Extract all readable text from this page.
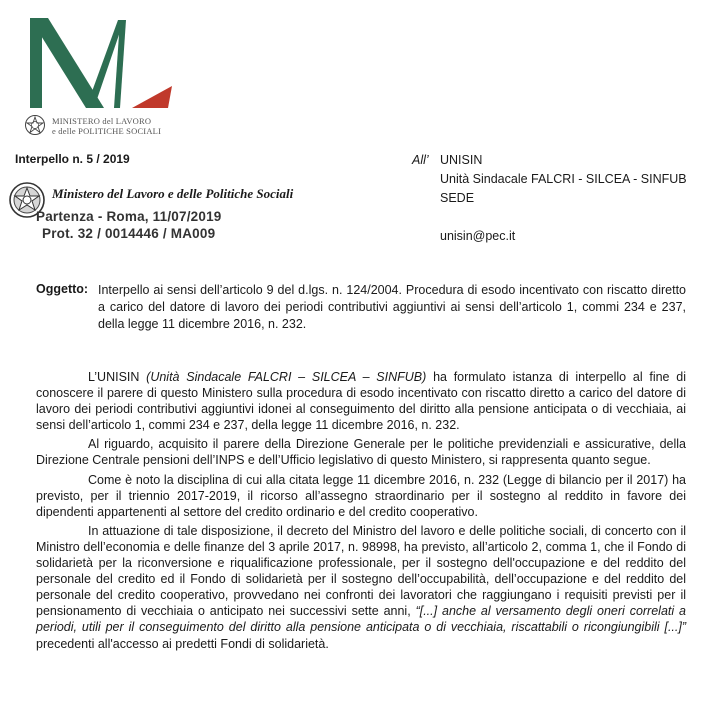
MINISTERO del LAVORO
e delle POLITICHE SOCIALI
Interpello n. 5 / 2019
Ministero del Lavoro e delle Politiche Sociali
Partenza - Roma, 11/07/2019
Prot. 32 / 0014446 / MA009
All’ UNISIN
Unità Sindacale FALCRI - SILCEA - SINFUB
SEDE
unisin@pec.it
Oggetto: Interpello ai sensi dell’articolo 9 del d.lgs. n. 124/2004. Procedura di esodo incentivato con riscatto diretto a carico del datore di lavoro dei periodi contributivi aggiuntivi ai sensi dell’articolo 1, commi 234 e 237, della legge 11 dicembre 2016, n. 232.

L’UNISIN (Unità Sindacale FALCRI – SILCEA – SINFUB) ha formulato istanza di interpello al fine di conoscere il parere di questo Ministero sulla procedura di esodo incentivato con riscatto diretto a carico del datore di lavoro dei periodi contributivi aggiuntivi idonei al conseguimento del diritto alla pensione anticipata o di vecchiaia, ai sensi dell’articolo 1, commi 234 e 237, della legge 11 dicembre 2016, n. 232.

Al riguardo, acquisito il parere della Direzione Generale per le politiche previdenziali e assicurative, della Direzione Centrale pensioni dell’INPS e dell’Ufficio legislativo di questo Ministero, si rappresenta quanto segue.

Come è noto la disciplina di cui alla citata legge 11 dicembre 2016, n. 232 (Legge di bilancio per il 2017) ha previsto, per il triennio 2017-2019, il ricorso all’assegno straordinario per il sostegno al reddito in favore dei dipendenti appartenenti al settore del credito ordinario e del credito cooperativo.

In attuazione di tale disposizione, il decreto del Ministro del lavoro e delle politiche sociali, di concerto con il Ministro dell’economia e delle finanze del 3 aprile 2017, n. 98998, ha previsto, all’articolo 2, comma 1, che il Fondo di solidarietà per la riconversione e riqualificazione professionale, per il sostegno dell'occupazione e del reddito del personale del credito ed il Fondo di solidarietà per il sostegno dell’occupabilità, dell’occupazione e del reddito del personale del credito cooperativo, provvedano nei confronti dei lavoratori che raggiungano i requisiti previsti per il pensionamento di vecchiaia o anticipato nei successivi sette anni, “[...] anche al versamento degli oneri correlati a periodi, utili per il conseguimento del diritto alla pensione anticipata o di vecchiaia, riscattabili o ricongiungibili [...]” precedenti all'accesso ai predetti Fondi di solidarietà.
